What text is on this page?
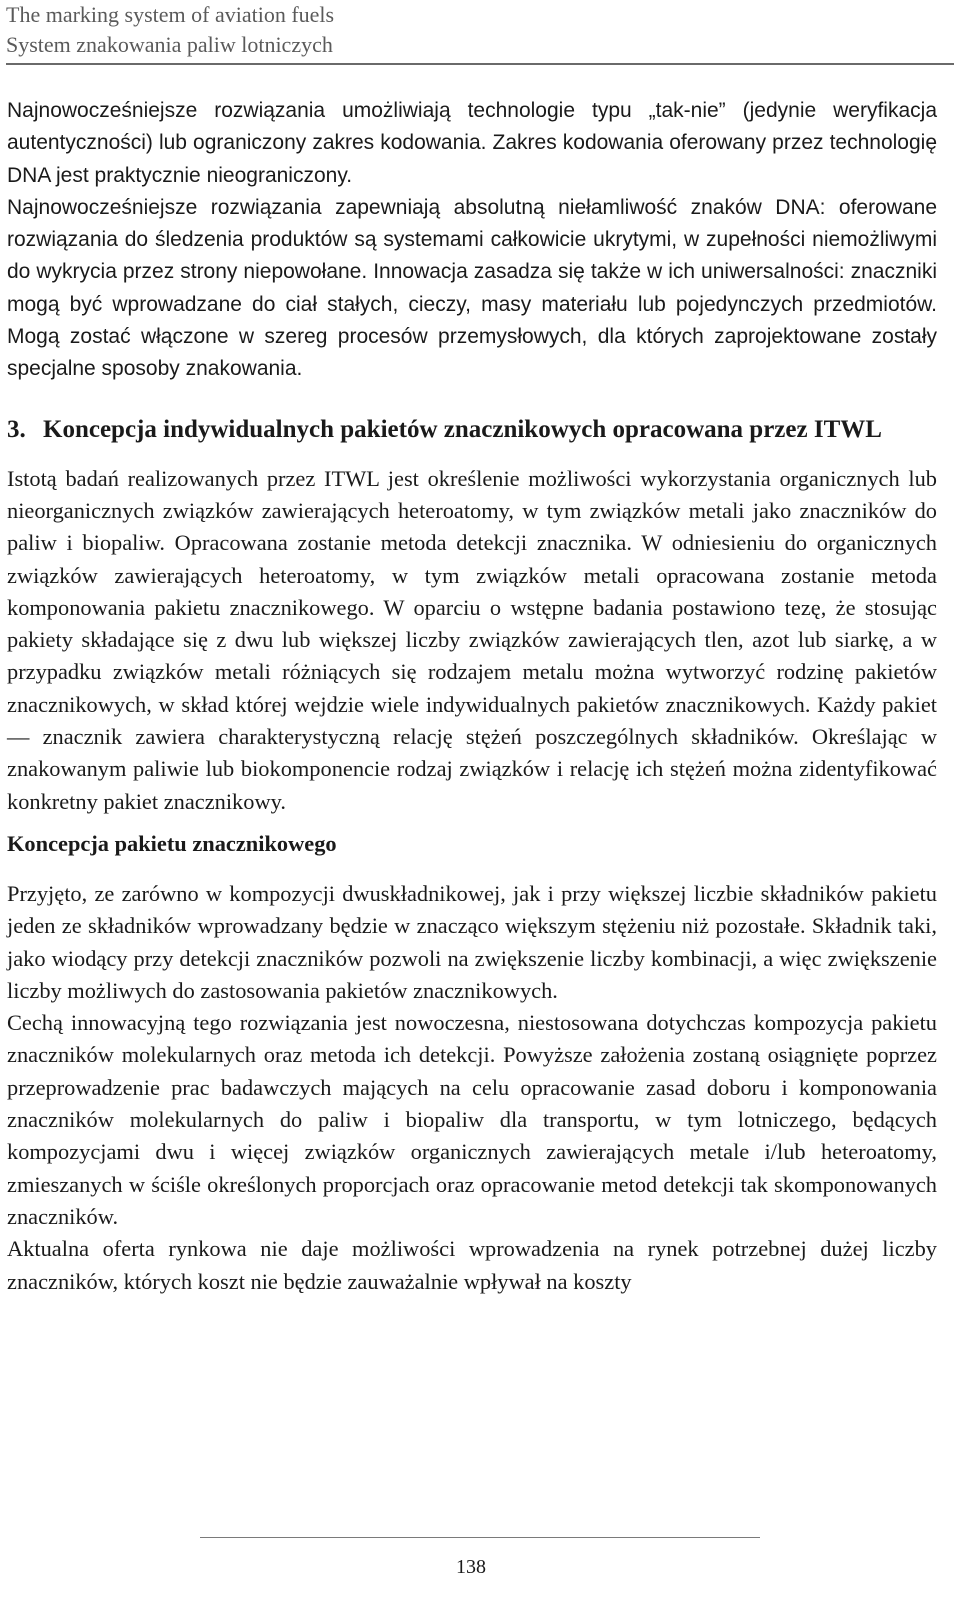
The marking system of aviation fuels
System znakowania paliw lotniczych

Najnowocześniejsze rozwiązania umożliwiają technologie typu „tak-nie” (jedynie weryfikacja autentyczności) lub ograniczony zakres kodowania. Zakres kodowania oferowany przez technologię DNA jest praktycznie nieograniczony.

Najnowocześniejsze rozwiązania zapewniają absolutną niełamliwość znaków DNA: oferowane rozwiązania do śledzenia produktów są systemami całkowicie ukrytymi, w zupełności niemożliwymi do wykrycia przez strony niepowołane. Innowacja zasadza się także w ich uniwersalności: znaczniki mogą być wprowadzane do ciał stałych, cieczy, masy materiału lub pojedynczych przedmiotów. Mogą zostać włączone w szereg procesów przemysłowych, dla których zaprojektowane zostały specjalne sposoby znakowania.

3. Koncepcja indywidualnych pakietów znacznikowych opracowana przez ITWL

Istotą badań realizowanych przez ITWL jest określenie możliwości wykorzystania organicznych lub nieorganicznych związków zawierających heteroatomy, w tym związków metali jako znaczników do paliw i biopaliw. Opracowana zostanie metoda detekcji znacznika. W odniesieniu do organicznych związków zawierających heteroatomy, w tym związków metali opracowana zostanie metoda komponowania pakietu znacznikowego. W oparciu o wstępne badania postawiono tezę, że stosując pakiety składające się z dwu lub większej liczby związków zawierających tlen, azot lub siarkę, a w przypadku związków metali różniących się rodzajem metalu można wytworzyć rodzinę pakietów znacznikowych, w skład której wejdzie wiele indywidualnych pakietów znacznikowych. Każdy pakiet ― znacznik zawiera charakterystyczną relację stężeń poszczególnych składników. Określając w znakowanym paliwie lub biokomponencie rodzaj związków i relację ich stężeń można zidentyfikować konkretny pakiet znacznikowy.

Koncepcja pakietu znacznikowego

Przyjęto, ze zarówno w kompozycji dwuskładnikowej, jak i przy większej liczbie składników pakietu jeden ze składników wprowadzany będzie w znacząco większym stężeniu niż pozostałe. Składnik taki, jako wiodący przy detekcji znaczników pozwoli na zwiększenie liczby kombinacji, a więc zwiększenie liczby możliwych do zastosowania pakietów znacznikowych.

Cechą innowacyjną tego rozwiązania jest nowoczesna, niestosowana dotychczas kompozycja pakietu znaczników molekularnych oraz metoda ich detekcji. Powyższe założenia zostaną osiągnięte poprzez przeprowadzenie prac badawczych mających na celu opracowanie zasad doboru i komponowania znaczników molekularnych do paliw i biopaliw dla transportu, w tym lotniczego, będących kompozycjami dwu i więcej związków organicznych zawierających metale i/lub heteroatomy, zmieszanych w ściśle określonych proporcjach oraz opracowanie metod detekcji tak skomponowanych znaczników.

Aktualna oferta rynkowa nie daje możliwości wprowadzenia na rynek potrzebnej dużej liczby znaczników, których koszt nie będzie zauważalnie wpływał na koszty

138
